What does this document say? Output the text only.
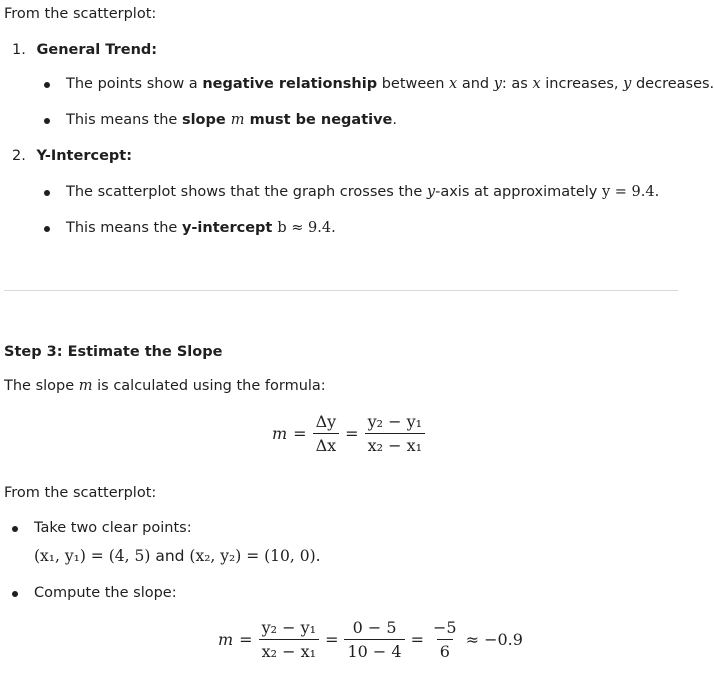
From the scatterplot:
1. General Trend:
The points show a negative relationship between x and y: as x increases, y decreases.
This means the slope m must be negative.
2. Y-Intercept:
The scatterplot shows that the graph crosses the y-axis at approximately y = 9.4.
This means the y-intercept b ≈ 9.4.
Step 3: Estimate the Slope
The slope m is calculated using the formula:
$m = \frac{\Delta y}{\Delta x} = \frac{\text{y₂ − y₁}}{\text{x₂ − x₁}}$
From the scatterplot:
Take two clear points:
(x₁, y₁) = (4, 5) and (x₂, y₂) = (10, 0).
Compute the slope:
$m = \frac{\text{y₂ − y₁}}{\text{x₂ − x₁}} = \frac{0 - 5}{10 - 4} = \frac{-5}{6} \approx -0.9$
